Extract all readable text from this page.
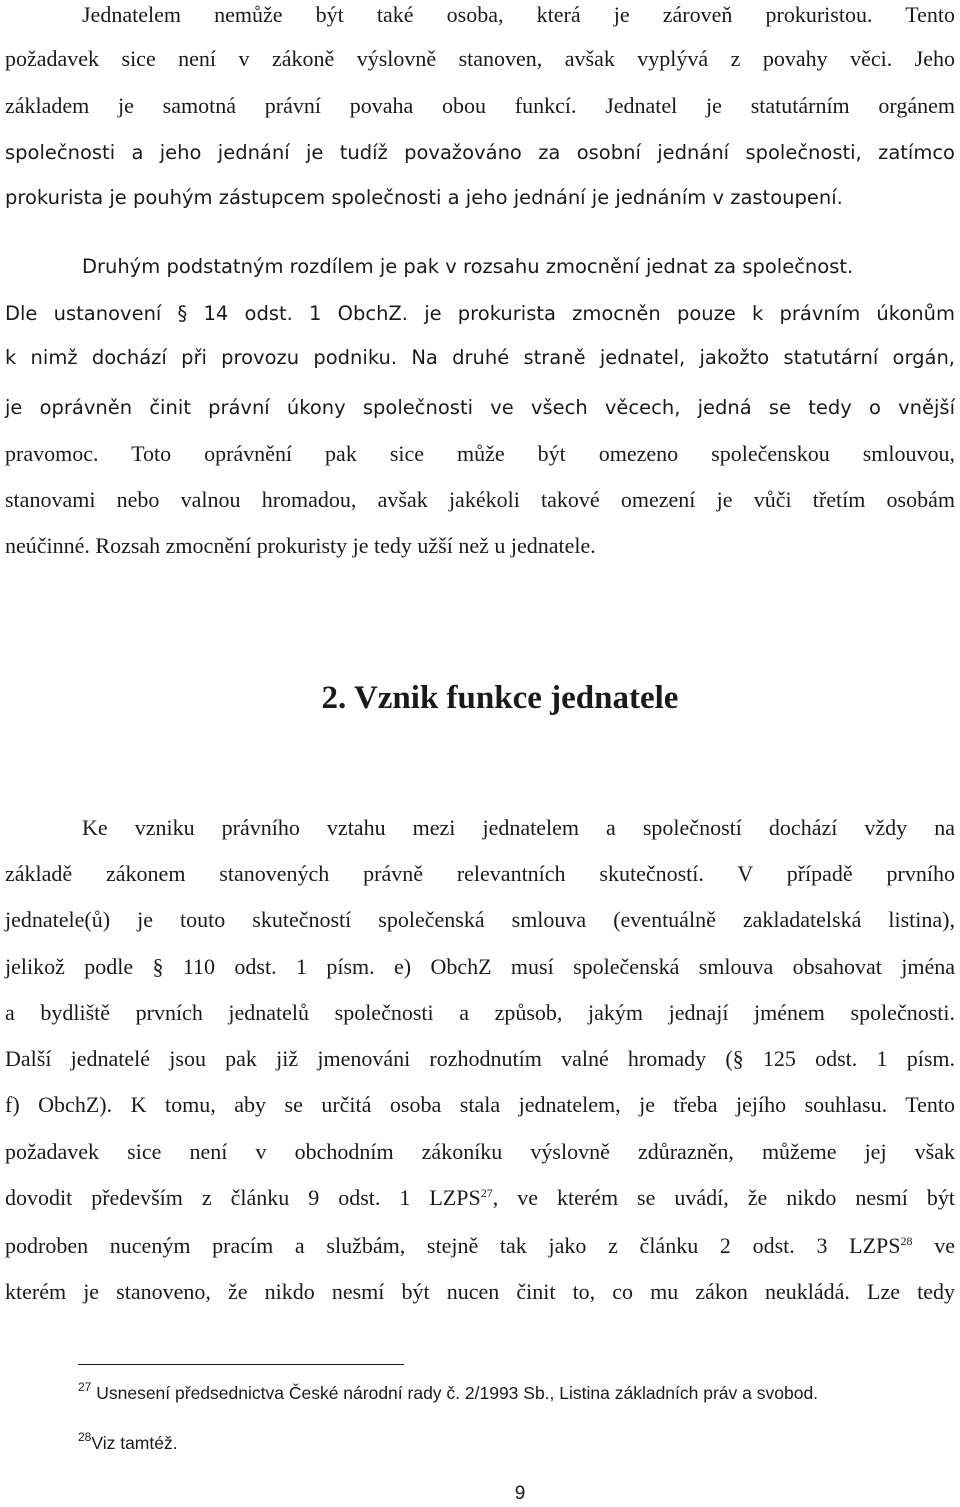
Jednatelem nemůže být také osoba, která je zároveň prokuristou. Tento
požadavek sice není v zákoně výslovně stanoven, avšak vyplývá z povahy věci. Jeho
základem je samotná právní povaha obou funkcí. Jednatel je statutárním orgánem
společnosti a jeho jednání je tudíž považováno za osobní jednání společnosti, zatímco
prokurista je pouhým zástupcem společnosti a jeho jednání je jednáním v zastoupení.
Druhým podstatným rozdílem je pak v rozsahu zmocnění jednat za společnost.
Dle ustanovení § 14 odst. 1 ObchZ. je prokurista zmocněn pouze k právním úkonům
k nimž dochází při provozu podniku. Na druhé straně jednatel, jakožto statutární orgán,
je oprávněn činit právní úkony společnosti ve všech věcech, jedná se tedy o vnější
pravomoc. Toto oprávnění pak sice může být omezeno společenskou smlouvou,
stanovami nebo valnou hromadou, avšak jakékoli takové omezení je vůči třetím osobám
neúčinné. Rozsah zmocnění prokuristy je tedy užší než u jednatele.
2. Vznik funkce jednatele
Ke vzniku právního vztahu mezi jednatelem a společností dochází vždy na
základě zákonem stanovených právně relevantních skutečností. V případě prvního
jednatele(ů) je touto skutečností společenská smlouva (eventuálně zakladatelská listina),
jelikož podle § 110 odst. 1 písm. e) ObchZ musí společenská smlouva obsahovat jména
a bydliště prvních jednatelů společnosti a způsob, jakým jednají jménem společnosti.
Další jednatelé jsou pak již jmenováni rozhodnutím valné hromady (§ 125 odst. 1 písm.
f) ObchZ). K tomu, aby se určitá osoba stala jednatelem, je třeba jejího souhlasu. Tento
požadavek sice není v obchodním zákoníku výslovně zdůrazněn, můžeme jej však
dovodit především z článku 9 odst. 1 LZPS$^{27}$, ve kterém se uvádí, že nikdo nesmí být
podroben nuceným pracím a službám, stejně tak jako z článku 2 odst. 3 LZPS$^{28}$ ve
kterém je stanoveno, že nikdo nesmí být nucen činit to, co mu zákon neukládá. Lze tedy
$^{27}$ Usnesení předsednictva České národní rady č. 2/1993 Sb., Listina základních práv a svobod.
$^{28}$Viz tamtéž.
9
